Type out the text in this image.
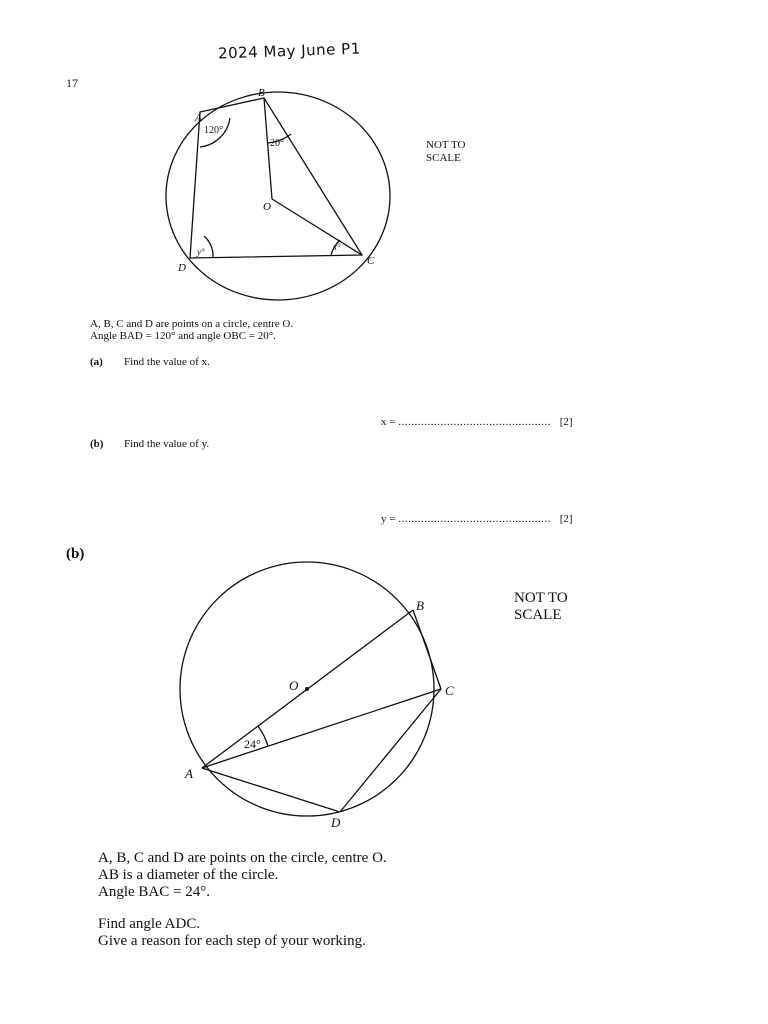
2024 May June P1
17
B
A
C
D
O
120°
20°
y°	x°
NOT TO
SCALE
A, B, C and D are points on a circle, centre O.
Angle BAD = 120° and angle OBC = 20°.
(a) Find the value of x.
x = ............................................... [2]
(b) Find the value of y.
y = ............................................... [2]
(b)
B
C
D
A
O
24°
NOT TO
SCALE
A, B, C and D are points on the circle, centre O.
AB is a diameter of the circle.
Angle BAC = 24°.
Find angle ADC.
Give a reason for each step of your working.
